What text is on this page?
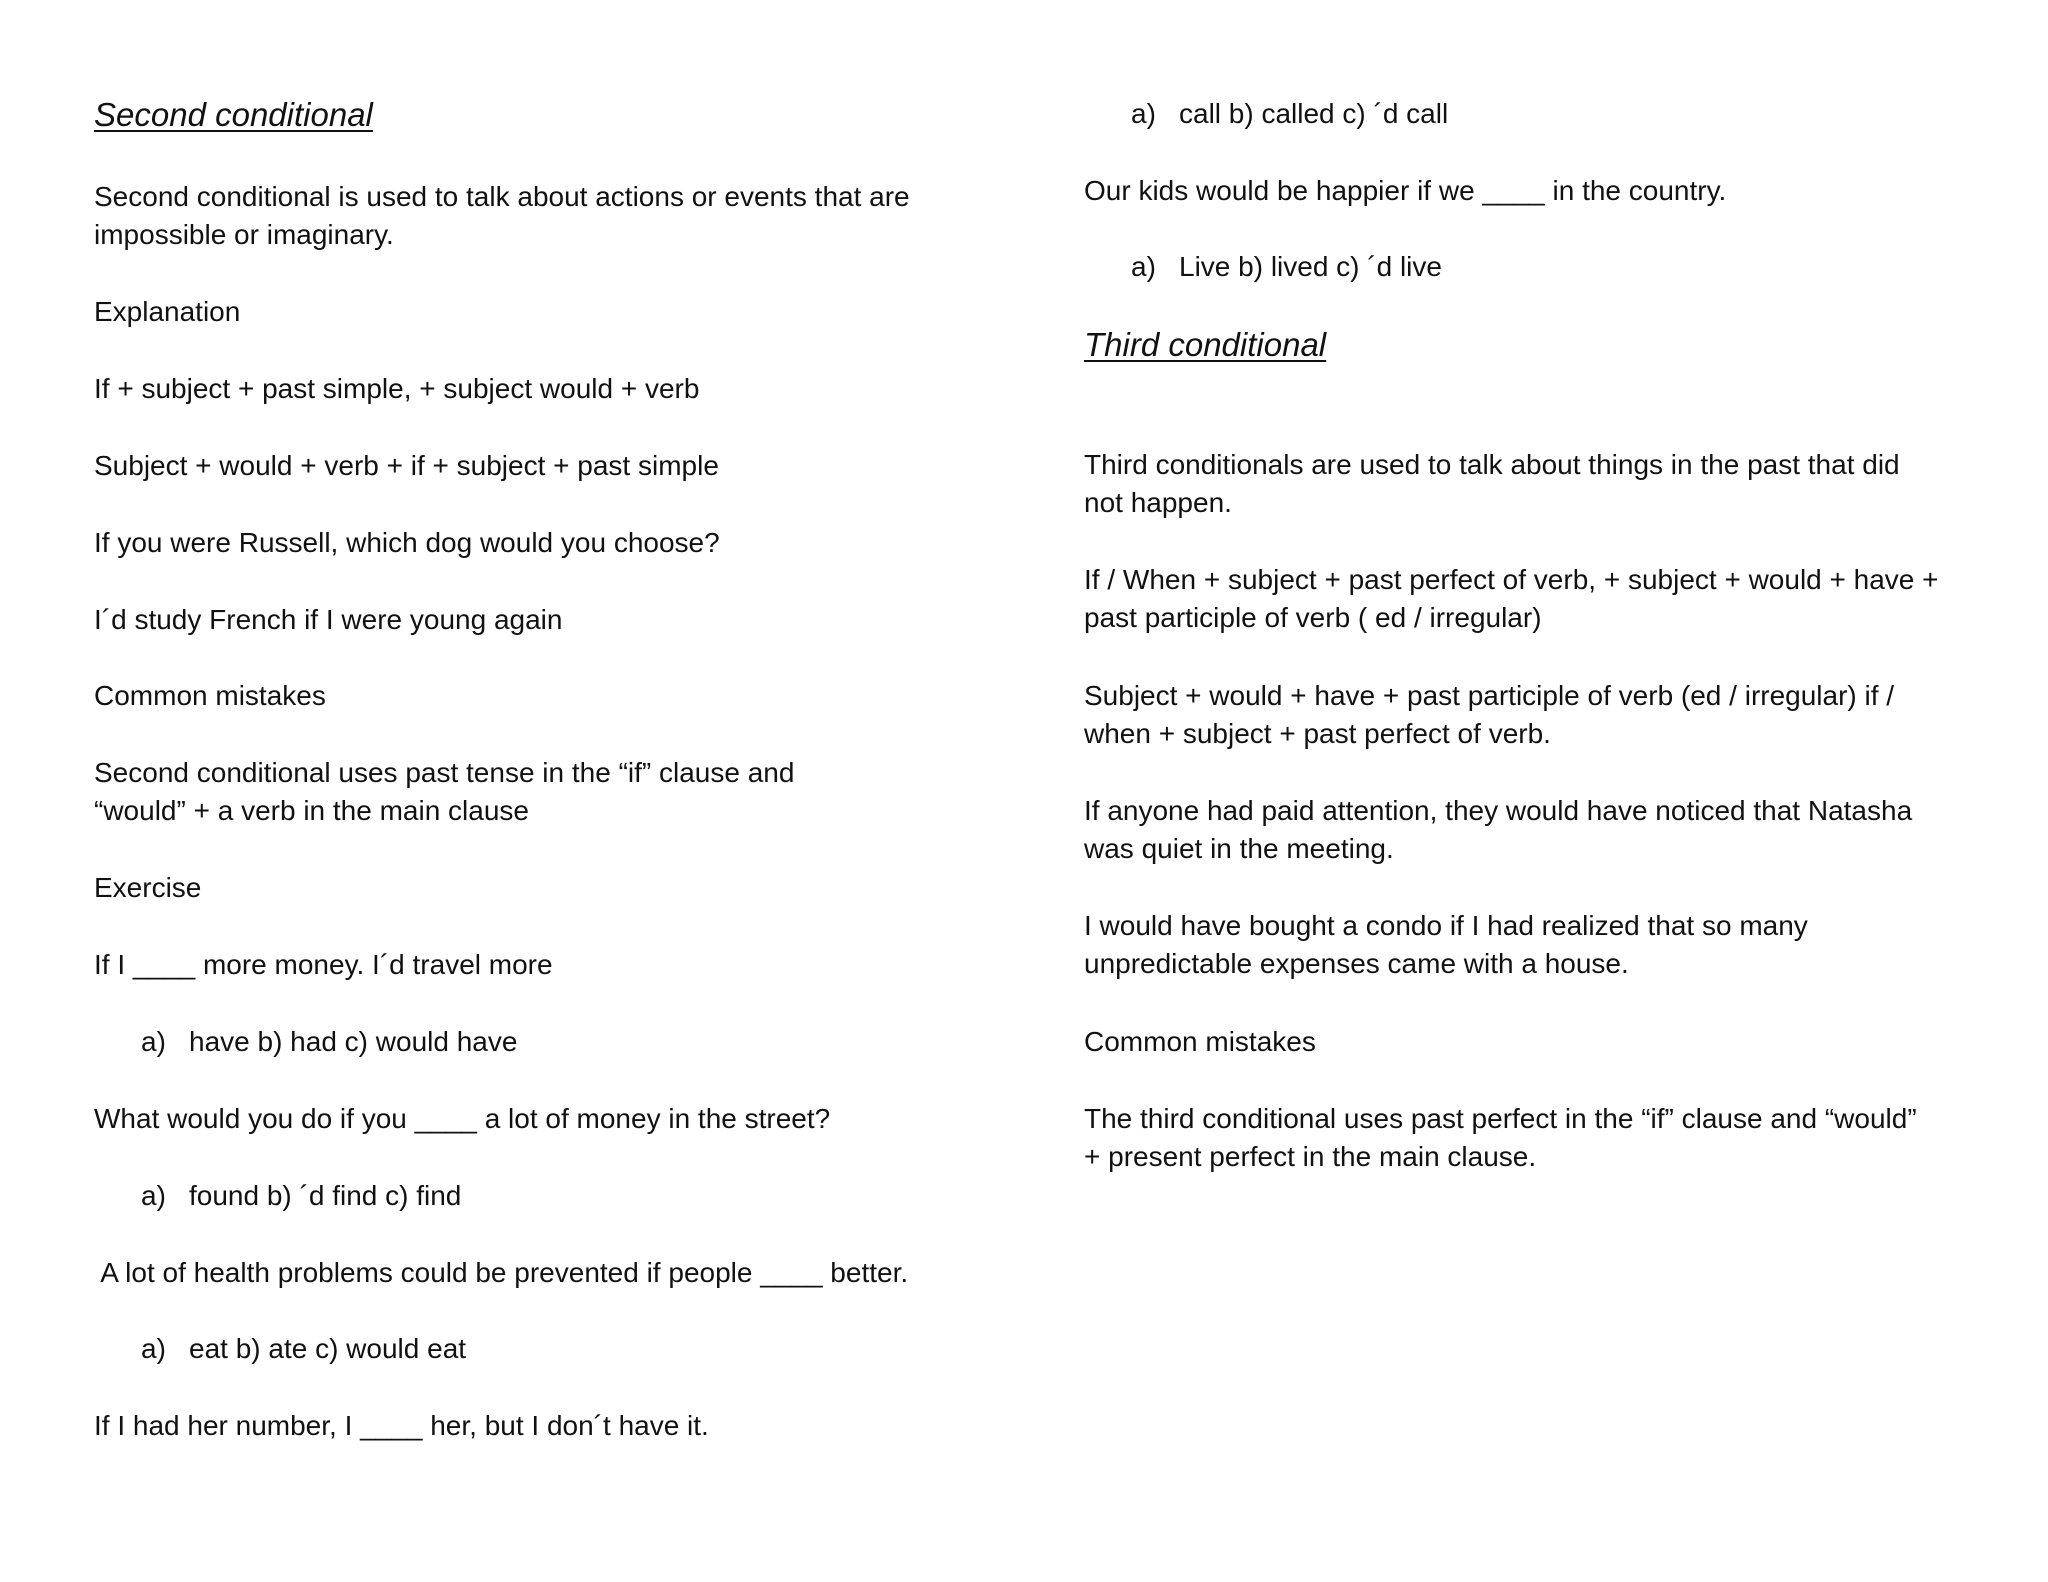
Second conditional
Second conditional is used to talk about actions or events that are
impossible or imaginary.
Explanation
If + subject + past simple, + subject would + verb
Subject + would + verb + if + subject + past simple
If you were Russell, which dog would you choose?
I´d study French if I were young again
Common mistakes
Second conditional uses past tense in the “if” clause and
“would” + a verb in the main clause
Exercise
If I ____ more money. I´d travel more
a) have b) had c) would have
What would you do if you ____ a lot of money in the street?
a) found b) ´d find c) find
A lot of health problems could be prevented if people ____ better.
a) eat b) ate c) would eat
If I had her number, I ____ her, but I don´t have it.
a) call b) called c) ´d call
Our kids would be happier if we ____ in the country.
a) Live b) lived c) ´d live
Third conditional
Third conditionals are used to talk about things in the past that did
not happen.
If / When + subject + past perfect of verb, + subject + would + have +
past participle of verb ( ed / irregular)
Subject + would + have + past participle of verb (ed / irregular) if /
when + subject + past perfect of verb.
If anyone had paid attention, they would have noticed that Natasha
was quiet in the meeting.
I would have bought a condo if I had realized that so many
unpredictable expenses came with a house.
Common mistakes
The third conditional uses past perfect in the “if” clause and “would”
+ present perfect in the main clause.
